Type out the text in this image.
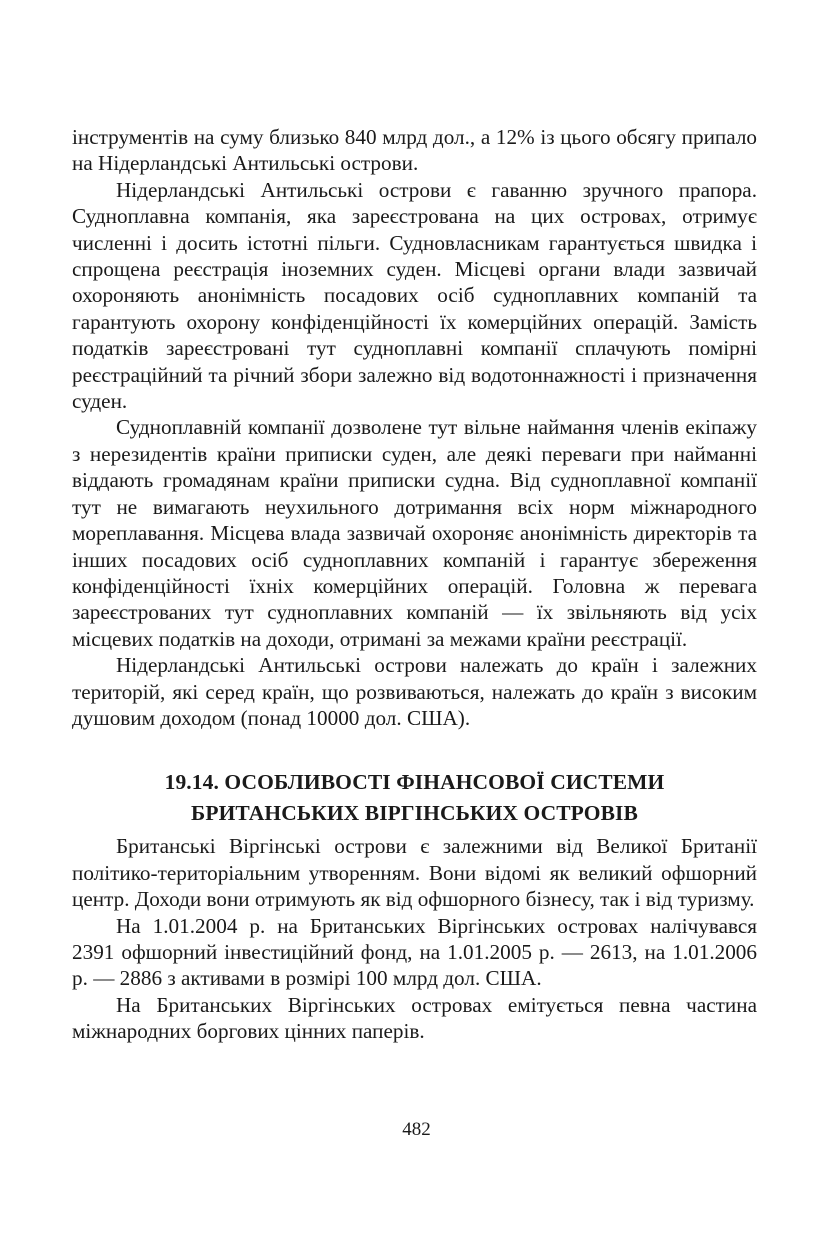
інструментів на суму близько 840 млрд дол., а 12% із цього обсягу припало на Нідерландські Антильські острови.

Нідерландські Антильські острови є гаванню зручного прапора. Судноплавна компанія, яка зареєстрована на цих островах, отримує численні і досить істотні пільги. Судновласникам гарантується швидка і спрощена реєстрація іноземних суден. Місцеві органи влади зазвичай охороняють анонімність посадових осіб судноплавних компаній та гарантують охорону конфіденційності їх комерційних операцій. Замість податків зареєстровані тут судноплавні компанії сплачують помірні реєстраційний та річний збори залежно від водотоннажності і призначення суден.

Судноплавній компанії дозволене тут вільне наймання членів екіпажу з нерезидентів країни приписки суден, але деякі переваги при найманні віддають громадянам країни приписки судна. Від судноплавної компанії тут не вимагають неухильного дотримання всіх норм міжнародного мореплавання. Місцева влада зазвичай охороняє анонімність директорів та інших посадових осіб судноплавних компаній і гарантує збереження конфіденційності їхніх комерційних операцій. Головна ж перевага зареєстрованих тут судноплавних компаній — їх звільняють від усіх місцевих податків на доходи, отримані за межами країни реєстрації.

Нідерландські Антильські острови належать до країн і залежних територій, які серед країн, що розвиваються, належать до країн з високим душовим доходом (понад 10000 дол. США).

19.14. ОСОБЛИВОСТІ ФІНАНСОВОЇ СИСТЕМИ
БРИТАНСЬКИХ ВІРГІНСЬКИХ ОСТРОВІВ

Британські Віргінські острови є залежними від Великої Британії політико-територіальним утворенням. Вони відомі як великий офшорний центр. Доходи вони отримують як від офшорного бізнесу, так і від туризму.

На 1.01.2004 р. на Британських Віргінських островах налічувався 2391 офшорний інвестиційний фонд, на 1.01.2005 р. — 2613, на 1.01.2006 р. — 2886 з активами в розмірі 100 млрд дол. США.

На Британських Віргінських островах емітується певна частина міжнародних боргових цінних паперів.

482
